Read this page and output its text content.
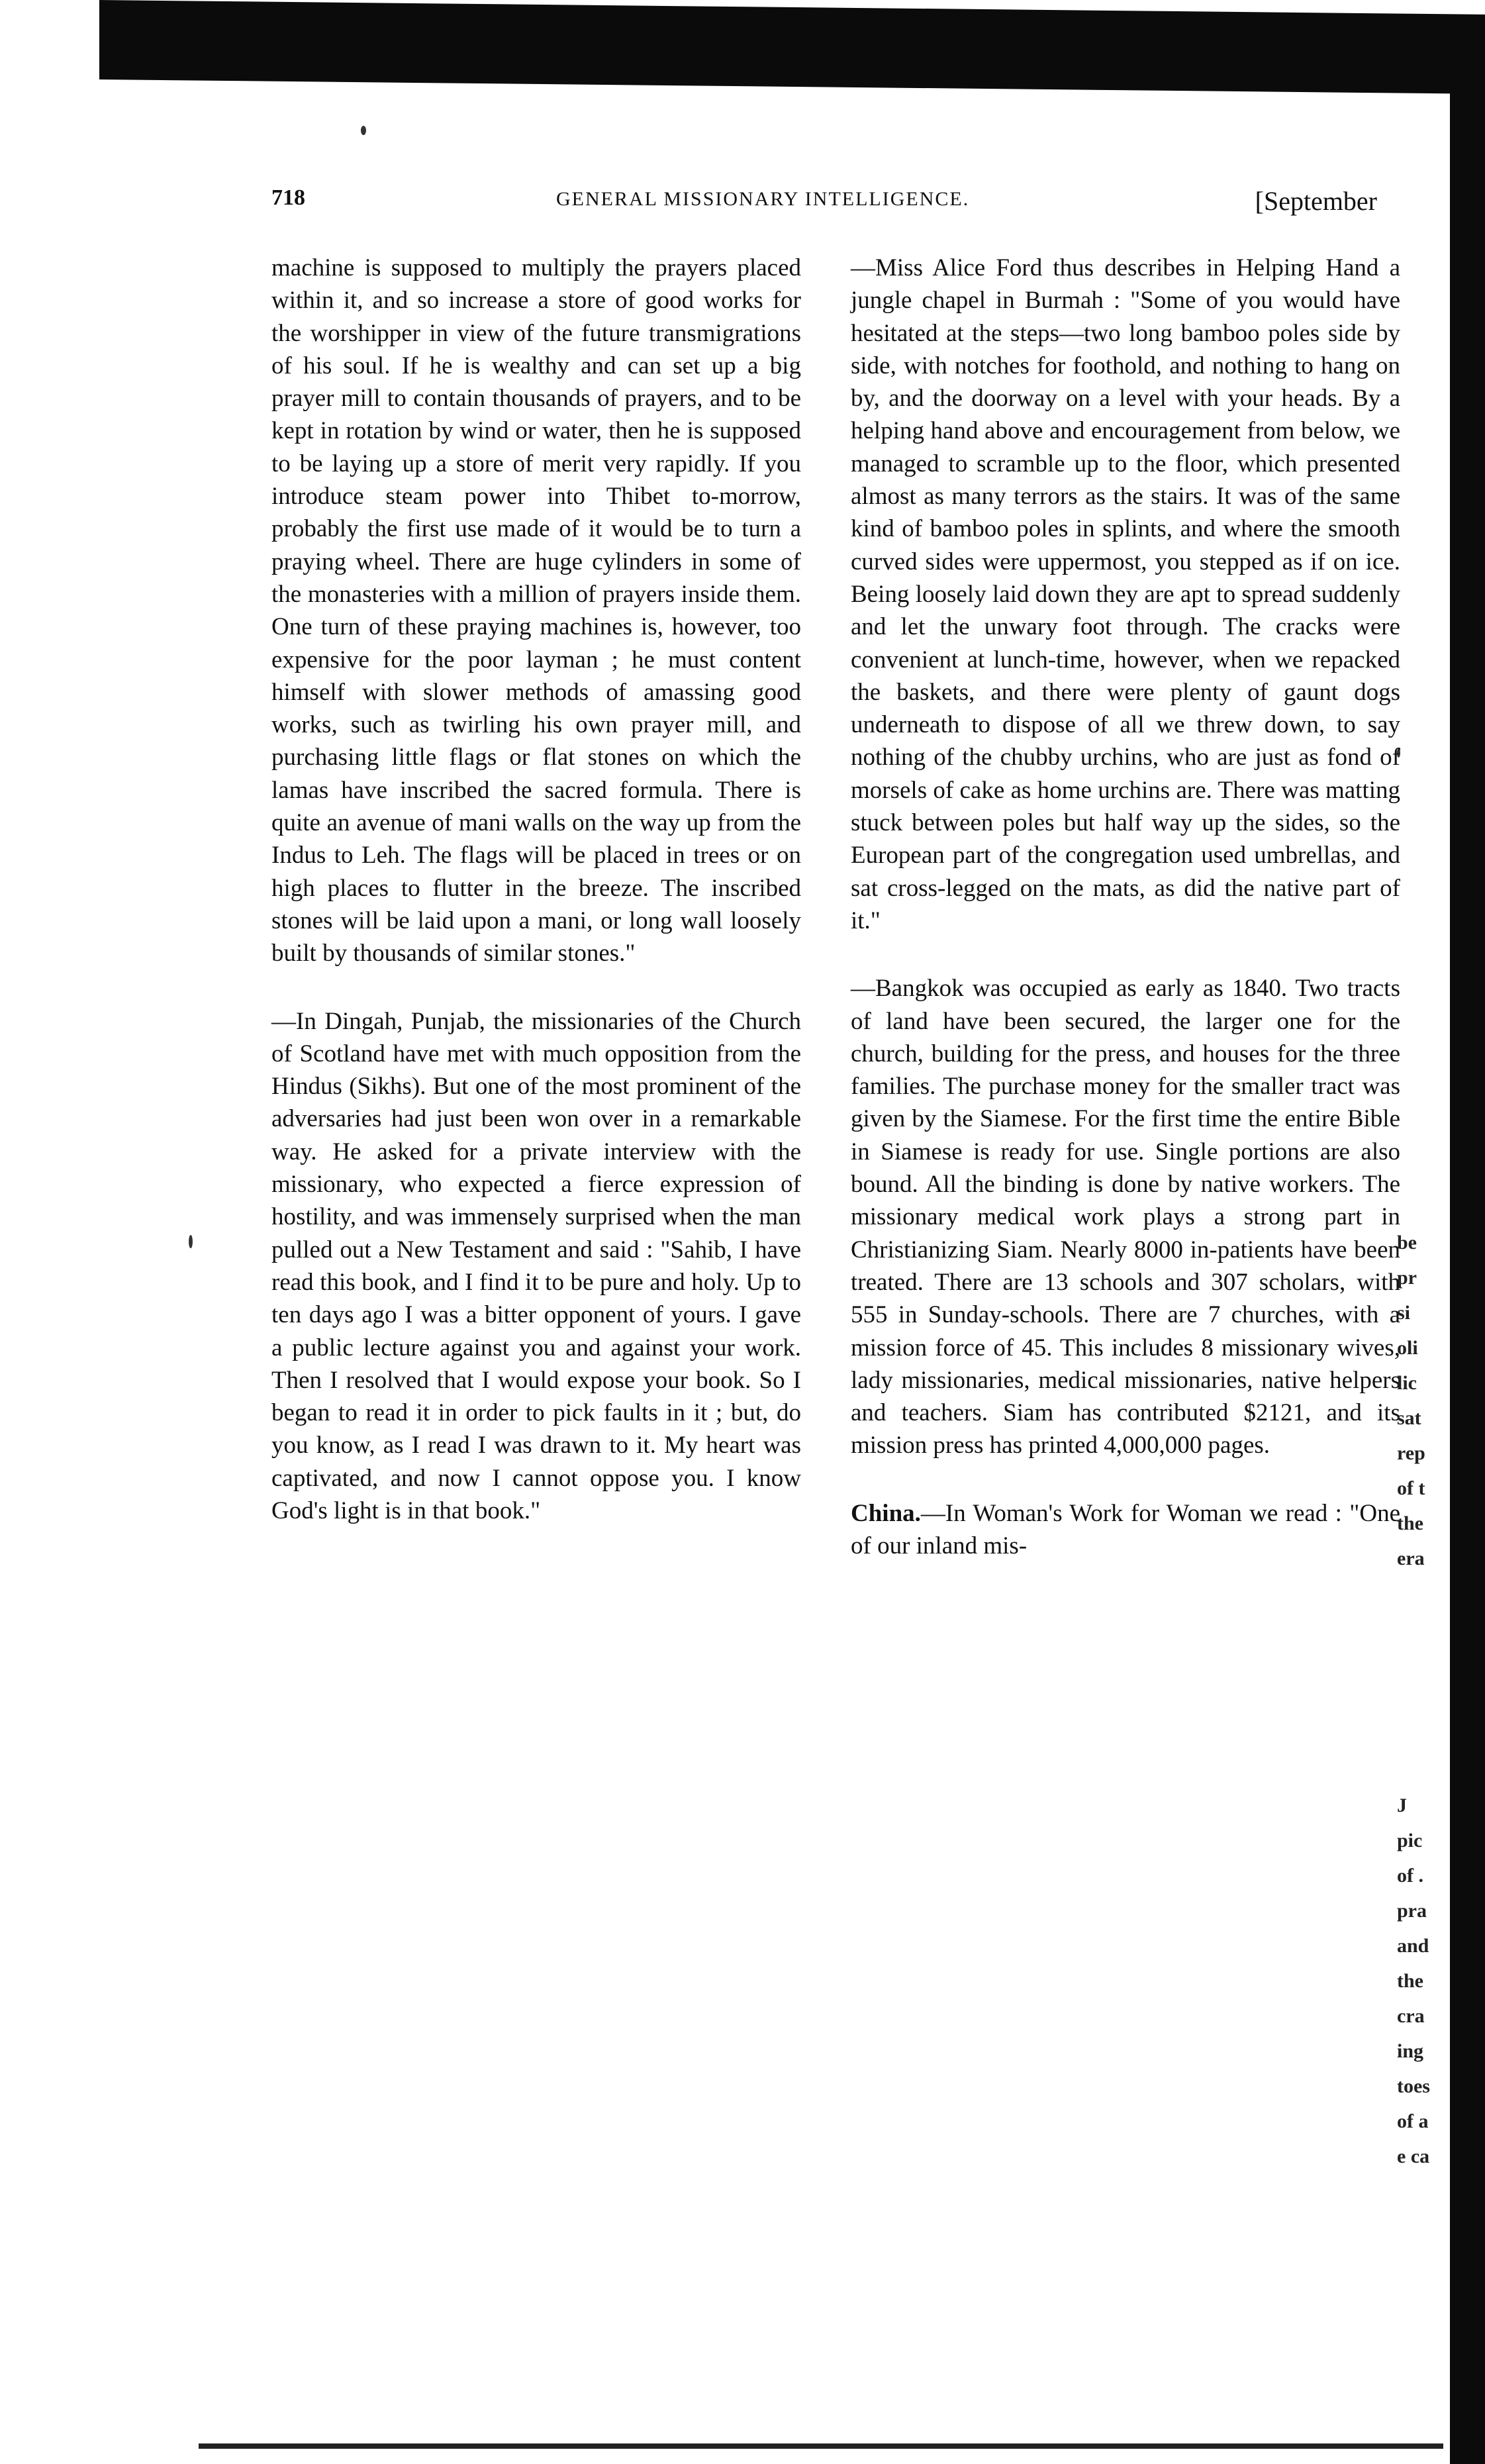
718	GENERAL MISSIONARY INTELLIGENCE.	[September

machine is supposed to multiply the prayers placed within it, and so increase a store of good works for the worshipper in view of the future transmigrations of his soul. If he is wealthy and can set up a big prayer mill to contain thousands of prayers, and to be kept in rotation by wind or water, then he is supposed to be laying up a store of merit very rapidly. If you introduce steam power into Thibet to-morrow, probably the first use made of it would be to turn a praying wheel. There are huge cylinders in some of the monasteries with a million of prayers inside them. One turn of these praying machines is, however, too expensive for the poor layman ; he must content himself with slower methods of amassing good works, such as twirling his own prayer mill, and purchasing little flags or flat stones on which the lamas have inscribed the sacred formula. There is quite an avenue of mani walls on the way up from the Indus to Leh. The flags will be placed in trees or on high places to flutter in the breeze. The inscribed stones will be laid upon a mani, or long wall loosely built by thousands of similar stones."

—In Dingah, Punjab, the missionaries of the Church of Scotland have met with much opposition from the Hindus (Sikhs). But one of the most prominent of the adversaries had just been won over in a remarkable way. He asked for a private interview with the missionary, who expected a fierce expression of hostility, and was immensely surprised when the man pulled out a New Testament and said : "Sahib, I have read this book, and I find it to be pure and holy. Up to ten days ago I was a bitter opponent of yours. I gave a public lecture against you and against your work. Then I resolved that I would expose your book. So I began to read it in order to pick faults in it ; but, do you know, as I read I was drawn to it. My heart was captivated, and now I cannot oppose you. I know God's light is in that book."

—Miss Alice Ford thus describes in Helping Hand a jungle chapel in Burmah : "Some of you would have hesitated at the steps—two long bamboo poles side by side, with notches for foothold, and nothing to hang on by, and the doorway on a level with your heads. By a helping hand above and encouragement from below, we managed to scramble up to the floor, which presented almost as many terrors as the stairs. It was of the same kind of bamboo poles in splints, and where the smooth curved sides were uppermost, you stepped as if on ice. Being loosely laid down they are apt to spread suddenly and let the unwary foot through. The cracks were convenient at lunch-time, however, when we repacked the baskets, and there were plenty of gaunt dogs underneath to dispose of all we threw down, to say nothing of the chubby urchins, who are just as fond of morsels of cake as home urchins are. There was matting stuck between poles but half way up the sides, so the European part of the congregation used umbrellas, and sat cross-legged on the mats, as did the native part of it."

—Bangkok was occupied as early as 1840. Two tracts of land have been secured, the larger one for the church, building for the press, and houses for the three families. The purchase money for the smaller tract was given by the Siamese. For the first time the entire Bible in Siamese is ready for use. Single portions are also bound. All the binding is done by native workers. The missionary medical work plays a strong part in Christianizing Siam. Nearly 8000 in-patients have been treated. There are 13 schools and 307 scholars, with 555 in Sunday-schools. There are 7 churches, with a mission force of 45. This includes 8 missionary wives, lady missionaries, medical missionaries, native helpers and teachers. Siam has contributed $2121, and its mission press has printed 4,000,000 pages.

China.—In Woman's Work for Woman we read : "One of our inland mis-

be
pr
si
oli
lic
sat
rep
of t
the
era
J
pic
of .
pra
and
the
cra
ing
toes
of a
e ca
